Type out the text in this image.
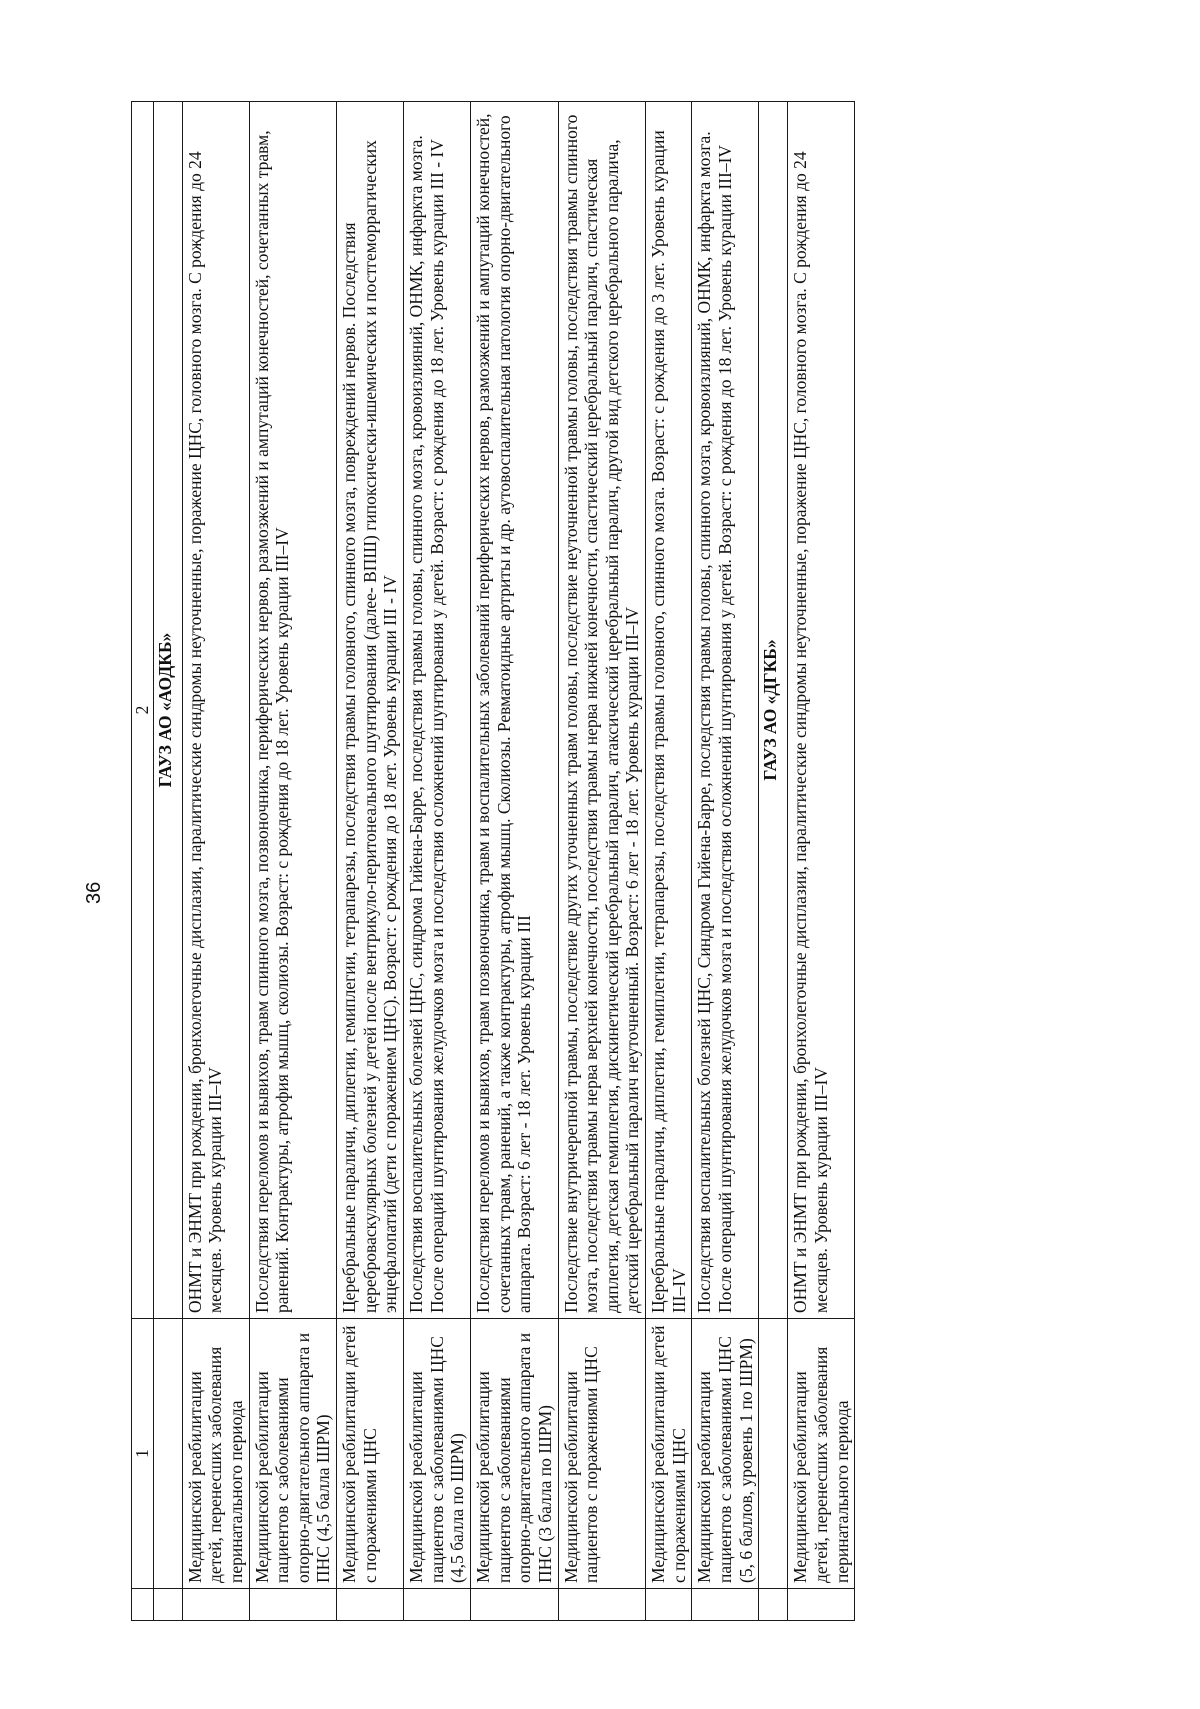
36
	1	2
		ГАУЗ АО «АОДКБ»
	Медицинской реабилитации детей, перенесших заболевания перинатального периода	ОНМТ и ЭНМТ при рождении, бронхолегочные дисплазии, паралитические синдромы неуточненные, поражение ЦНС, головного мозга. С рождения до 24 месяцев. Уровень курации III–IV
	Медицинской реабилитации пациентов с заболеваниями опорно-двигательного аппарата и ПНС (4,5 балла ШРМ)	Последствия переломов и вывихов, травм спинного мозга, позвоночника, периферических нервов, размозжений и ампутаций конечностей, сочетанных травм, ранений. Контрактуры, атрофия мышц, сколиозы. Возраст: с рождения до 18 лет. Уровень курации III–IV
	Медицинской реабилитации детей с поражениями ЦНС	Церебральные параличи, диплегии, гемиплегии, тетрапарезы, последствия травмы головного, спинного мозга, повреждений нервов. Последствия цереброваскулярных болезней у детей после вентрикуло-перитонеального шунтирования (далее- ВПШ) гипоксически-ишемических и постгеморрагических энцефалопатий (дети с поражением ЦНС). Возраст: с рождения до 18 лет. Уровень курации III - IV
	Медицинской реабилитации пациентов с заболеваниями ЦНС (4,5 балла по ШРМ)	Последствия воспалительных болезней ЦНС, синдрома Гийена-Барре, последствия травмы головы, спинного мозга, кровоизлияний, ОНМК, инфаркта мозга. После операций шунтирования желудочков мозга и последствия осложнений шунтирования у детей. Возраст: с рождения до 18 лет. Уровень курации III - IV
	Медицинской реабилитации пациентов с заболеваниями опорно-двигательного аппарата и ПНС (3 балла по ШРМ)	Последствия переломов и вывихов, травм позвоночника, травм и воспалительных заболеваний периферических нервов, размозжений и ампутаций конечностей, сочетанных травм, ранений, а также контрактуры, атрофия мышц. Сколиозы. Ревматоидные артриты и др. аутовоспалительная патология опорно-двигательного аппарата. Возраст: 6 лет - 18 лет. Уровень курации III
	Медицинской реабилитации пациентов с поражениями ЦНС	Последствие внутричерепной травмы, последствие других уточненных травм головы, последствие неуточненной травмы головы, последствия травмы спинного мозга, последствия травмы нерва верхней конечности, последствия травмы нерва нижней конечности, спастический церебральный паралич, спастическая диплегия, детская гемиплегия, дискинетический церебральный паралич, атаксический церебральный паралич, другой вид детского церебрального паралича, детский церебральный паралич неуточненный. Возраст: 6 лет - 18 лет. Уровень курации III–IV
	Медицинской реабилитации детей с поражениями ЦНС	Церебральные параличи, диплегии, гемиплегии, тетрапарезы, последствия травмы головного, спинного мозга. Возраст: с рождения до 3 лет. Уровень курации III–IV
	Медицинской реабилитации пациентов с заболеваниями ЦНС (5, 6 баллов, уровень 1 по ШРМ)	Последствия воспалительных болезней ЦНС, Синдрома Гийена-Барре, последствия травмы головы, спинного мозга, кровоизлияний, ОНМК, инфаркта мозга. После операций шунтирования желудочков мозга и последствия осложнений шунтирования у детей. Возраст: с рождения до 18 лет. Уровень курации III–IV
		ГАУЗ АО «ДГКБ»
	Медицинской реабилитации детей, перенесших заболевания перинатального периода	ОНМТ и ЭНМТ при рождении, бронхолегочные дисплазии, паралитические синдромы неуточненные, поражение ЦНС, головного мозга. С рождения до 24 месяцев. Уровень курации III–IV
